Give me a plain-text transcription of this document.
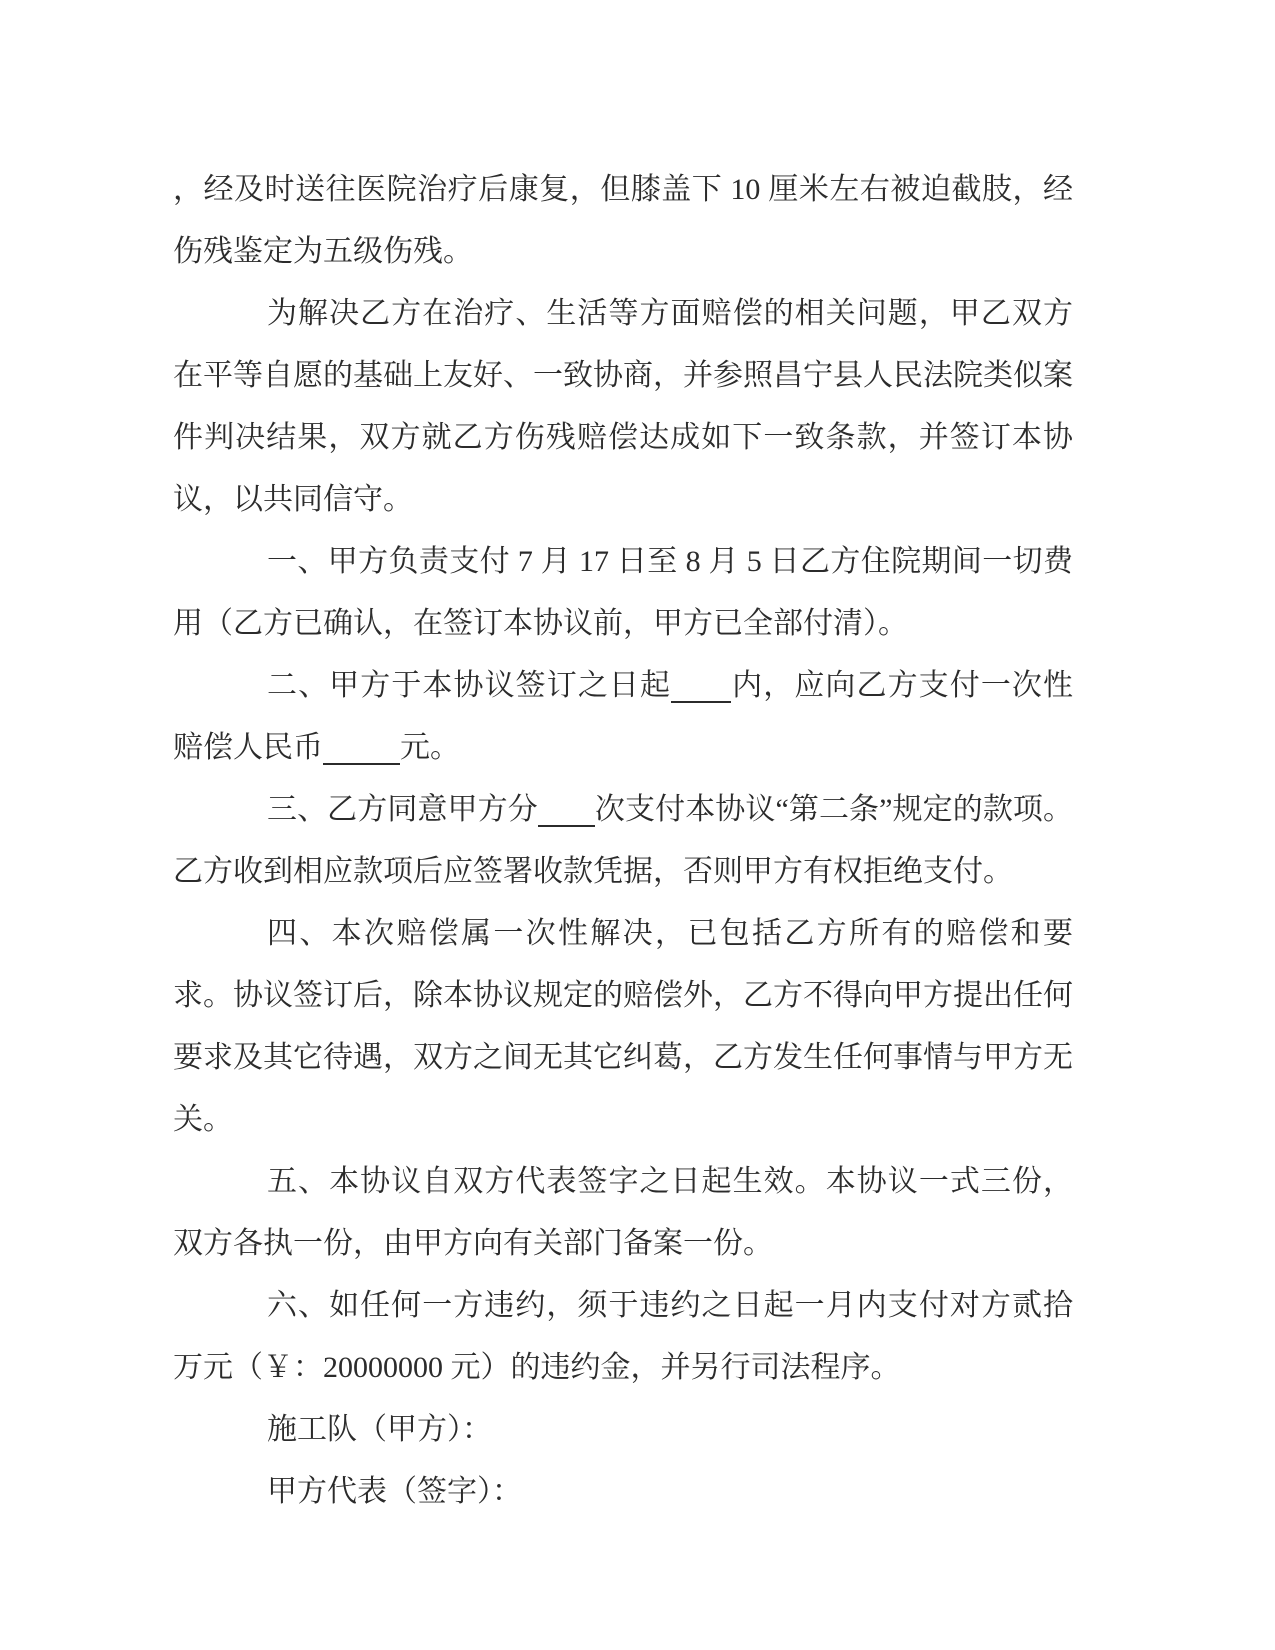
，经及时送往医院治疗后康复，但膝盖下 10 厘米左右被迫截肢，经伤残鉴定为五级伤残。

为解决乙方在治疗、生活等方面赔偿的相关问题，甲乙双方在平等自愿的基础上友好、一致协商，并参照昌宁县人民法院类似案件判决结果，双方就乙方伤残赔偿达成如下一致条款，并签订本协议，以共同信守。

一、甲方负责支付 7 月 17 日至 8 月 5 日乙方住院期间一切费用（乙方已确认，在签订本协议前，甲方已全部付清）。

二、甲方于本协议签订之日起 内，应向乙方支付一次性赔偿人民币	元。

三、乙方同意甲方分 次支付本协议“第二条”规定的款项。乙方收到相应款项后应签署收款凭据，否则甲方有权拒绝支付。

四、本次赔偿属一次性解决，已包括乙方所有的赔偿和要求。协议签订后，除本协议规定的赔偿外，乙方不得向甲方提出任何要求及其它待遇，双方之间无其它纠葛，乙方发生任何事情与甲方无关。

五、本协议自双方代表签字之日起生效。本协议一式三份，双方各执一份，由甲方向有关部门备案一份。

六、如任何一方违约，须于违约之日起一月内支付对方贰拾万元（￥：20000000 元）的违约金，并另行司法程序。

施工队（甲方）：

甲方代表（签字）：
